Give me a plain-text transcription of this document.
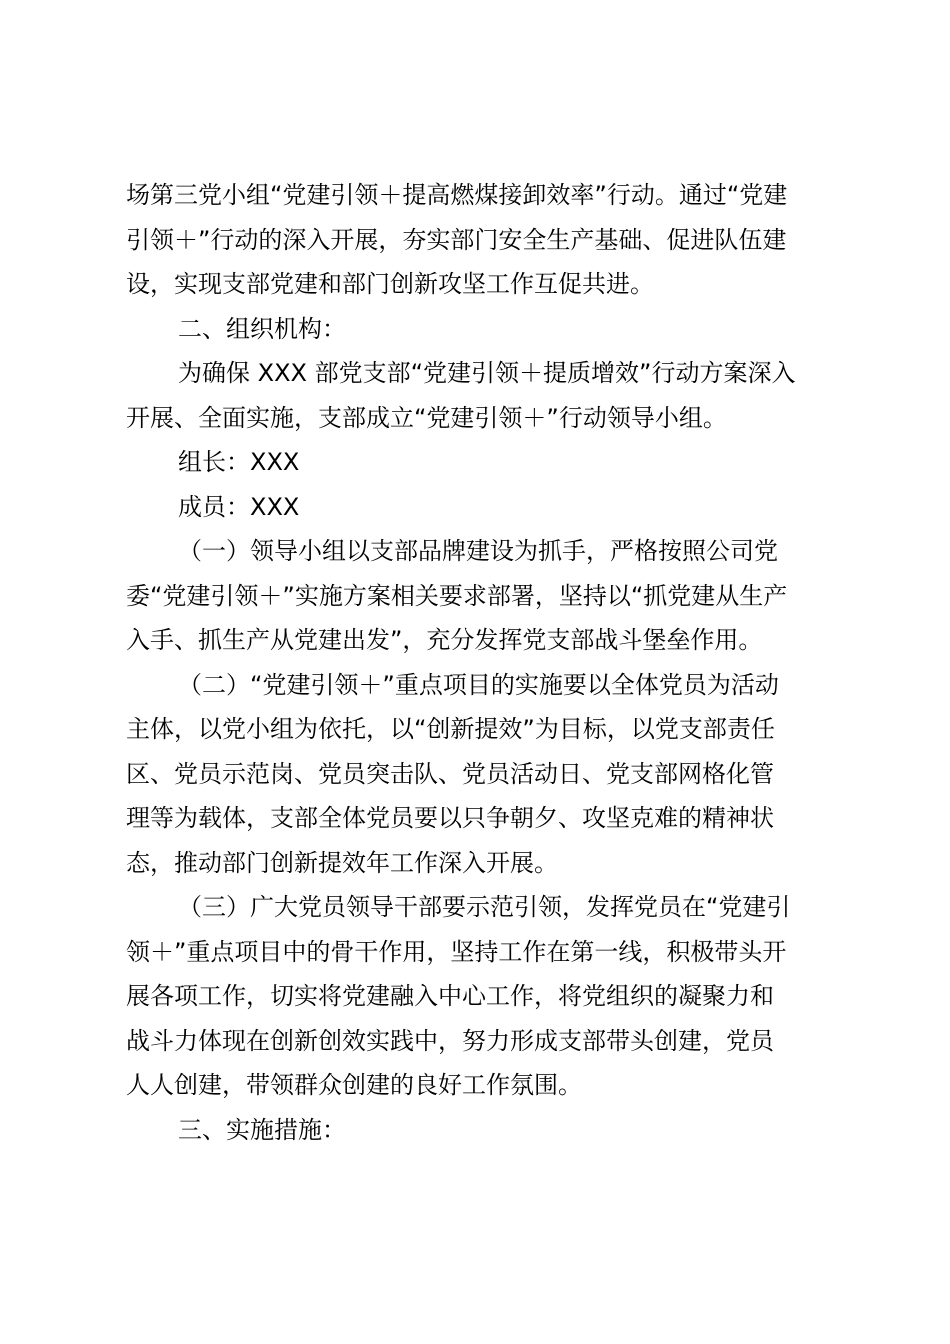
场第三党小组“党建引领＋提高燃煤接卸效率”行动。通过“党建
引领＋”行动的深入开展，夯实部门安全生产基础、促进队伍建
设，实现支部党建和部门创新攻坚工作互促共进。
二、组织机构：
为确保 XXX 部党支部“党建引领＋提质增效”行动方案深入
开展、全面实施，支部成立“党建引领＋”行动领导小组。
组长：XXX
成员：XXX
（一）领导小组以支部品牌建设为抓手，严格按照公司党
委“党建引领＋”实施方案相关要求部署，坚持以“抓党建从生产
入手、抓生产从党建出发”，充分发挥党支部战斗堡垒作用。
（二）“党建引领＋”重点项目的实施要以全体党员为活动
主体，以党小组为依托，以“创新提效”为目标，以党支部责任
区、党员示范岗、党员突击队、党员活动日、党支部网格化管
理等为载体，支部全体党员要以只争朝夕、攻坚克难的精神状
态，推动部门创新提效年工作深入开展。
（三）广大党员领导干部要示范引领，发挥党员在“党建引
领＋”重点项目中的骨干作用，坚持工作在第一线，积极带头开
展各项工作，切实将党建融入中心工作，将党组织的凝聚力和
战斗力体现在创新创效实践中，努力形成支部带头创建，党员
人人创建，带领群众创建的良好工作氛围。
三、实施措施：
